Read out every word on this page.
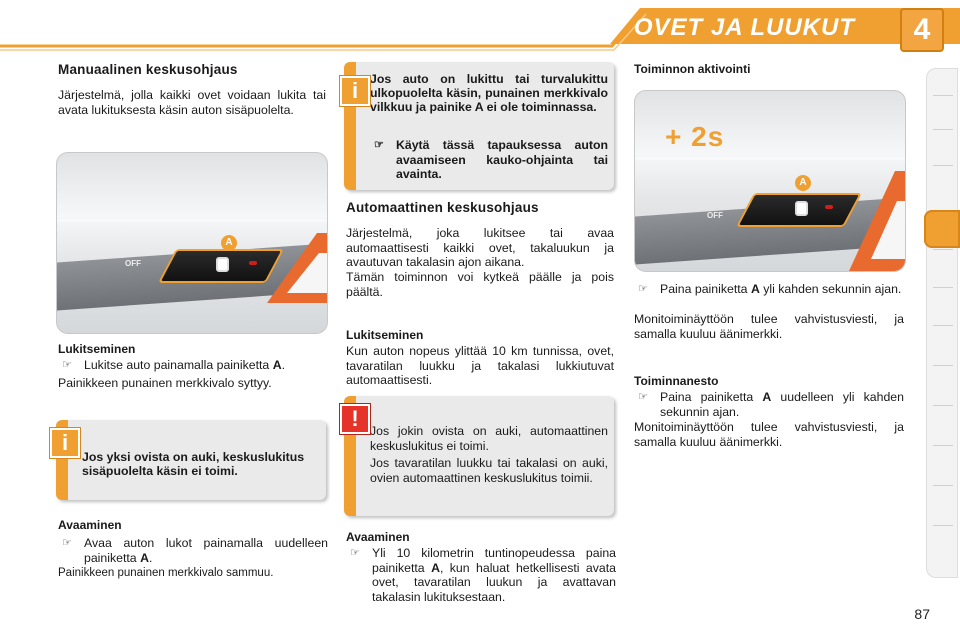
OVET JA LUUKUT	4
Manuaalinen keskusohjaus
Järjestelmä, jolla kaikki ovet voidaan lukita tai avata lukituksesta käsin auton sisäpuolelta.
OFF
A
Lukitseminen
☞ Lukitse auto painamalla painiketta A.
Painikkeen punainen merkkivalo syttyy.
Jos yksi ovista on auki, keskuslukitus sisäpuolelta käsin ei toimi.
i
Avaaminen
☞ Avaa auton lukot painamalla uudelleen painiketta A.
Painikkeen punainen merkkivalo sammuu.
Jos auto on lukittu tai turvalukittu ulkopuolelta käsin, punainen merkkivalo vilkkuu ja painike A ei ole toiminnassa.
☞ Käytä tässä tapauksessa auton avaamiseen kauko-ohjainta tai avainta.
i
Automaattinen keskusohjaus
Järjestelmä, joka lukitsee tai avaa automaattisesti kaikki ovet, takaluukun ja avautuvan takalasin ajon aikana.
Tämän toiminnon voi kytkeä päälle ja pois päältä.
Lukitseminen
Kun auton nopeus ylittää 10 km tunnissa, ovet, tavaratilan luukku ja takalasi lukkiutuvat automaattisesti.
Jos jokin ovista on auki, automaattinen keskuslukitus ei toimi.
Jos tavaratilan luukku tai takalasi on auki, ovien automaattinen keskuslukitus toimii.
!
Avaaminen
☞ Yli 10 kilometrin tuntinopeudessa paina painiketta A, kun haluat hetkellisesti avata ovet, tavaratilan luukun ja avattavan takalasin lukituksestaan.
Toiminnon aktivointi
OFF
A
+ 2s
☞ Paina painiketta A yli kahden sekunnin ajan.
Monitoiminäyttöön tulee vahvistusviesti, ja samalla kuuluu äänimerkki.
Toiminnanesto
☞ Paina painiketta A uudelleen yli kahden sekunnin ajan.
Monitoiminäyttöön tulee vahvistusviesti, ja samalla kuuluu äänimerkki.
87
